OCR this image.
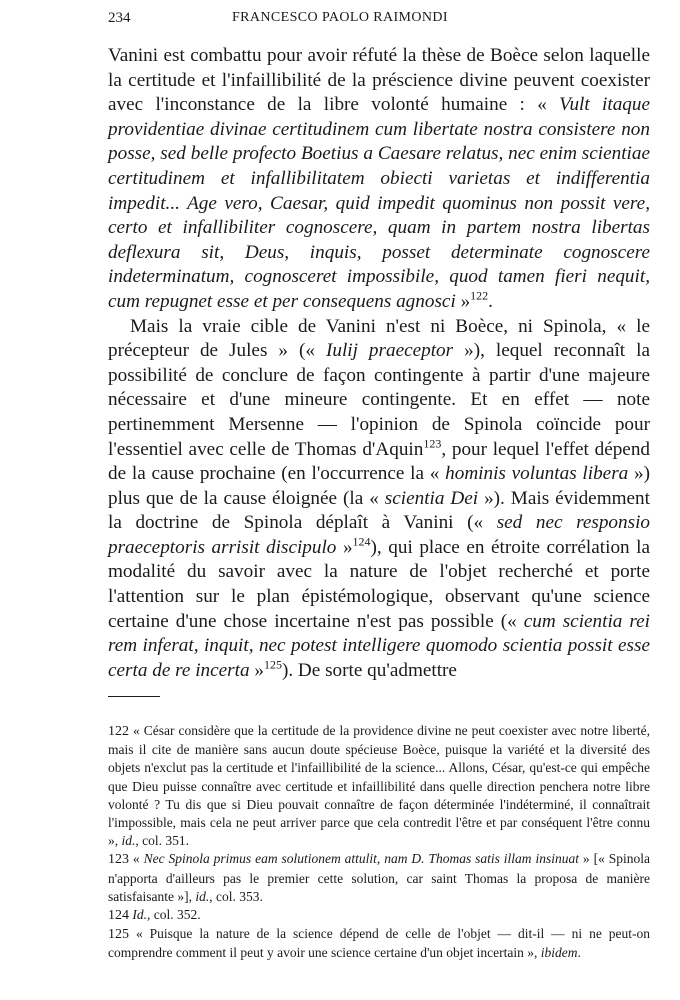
234	FRANCESCO PAOLO RAIMONDI

Vanini est combattu pour avoir réfuté la thèse de Boèce selon laquelle la certitude et l'infaillibilité de la préscience divine peuvent coexister avec l'inconstance de la libre volonté humaine : « Vult itaque providentiae divinae certitudinem cum libertate nostra consistere non posse, sed belle profecto Boetius a Caesare relatus, nec enim scientiae certitudinem et infallibilitatem obiecti varietas et indifferentia impedit... Age vero, Caesar, quid impedit quominus non possit vere, certo et infallibiliter cognoscere, quam in partem nostra libertas deflexura sit, Deus, inquis, posset determinate cognoscere indeterminatum, cognosceret impossibile, quod tamen fieri nequit, cum repugnet esse et per consequens agnosci »$^{122}$.

Mais la vraie cible de Vanini n'est ni Boèce, ni Spinola, « le précepteur de Jules » (« Iulij praeceptor »), lequel reconnaît la possibilité de conclure de façon contingente à partir d'une majeure nécessaire et d'une mineure contingente. Et en effet — note pertinemment Mersenne — l'opinion de Spinola coïncide pour l'essentiel avec celle de Thomas d'Aquin$^{123}$, pour lequel l'effet dépend de la cause prochaine (en l'occurrence la « hominis voluntas libera ») plus que de la cause éloignée (la « scientia Dei »). Mais évidemment la doctrine de Spinola déplaît à Vanini (« sed nec responsio praeceptoris arrisit discipulo »$^{124}$), qui place en étroite corrélation la modalité du savoir avec la nature de l'objet recherché et porte l'attention sur le plan épistémologique, observant qu'une science certaine d'une chose incertaine n'est pas possible (« cum scientia rei rem inferat, inquit, nec potest intelligere quomodo scientia possit esse certa de re incerta »$^{125}$). De sorte qu'admettre

122 « César considère que la certitude de la providence divine ne peut coexister avec notre liberté, mais il cite de manière sans aucun doute spécieuse Boèce, puisque la variété et la diversité des objets n'exclut pas la certitude et l'infaillibilité de la science... Allons, César, qu'est-ce qui empêche que Dieu puisse connaître avec certitude et infaillibilité dans quelle direction penchera notre libre volonté ? Tu dis que si Dieu pouvait connaître de façon déterminée l'indéterminé, il connaîtrait l'impossible, mais cela ne peut arriver parce que cela contredit l'être et par conséquent l'être connu », id., col. 351.

123 « Nec Spinola primus eam solutionem attulit, nam D. Thomas satis illam insinuat » [« Spinola n'apporta d'ailleurs pas le premier cette solution, car saint Thomas la proposa de manière satisfaisante »], id., col. 353.

124 Id., col. 352.

125 « Puisque la nature de la science dépend de celle de l'objet — dit-il — ni ne peut-on comprendre comment il peut y avoir une science certaine d'un objet incertain », ibidem.
